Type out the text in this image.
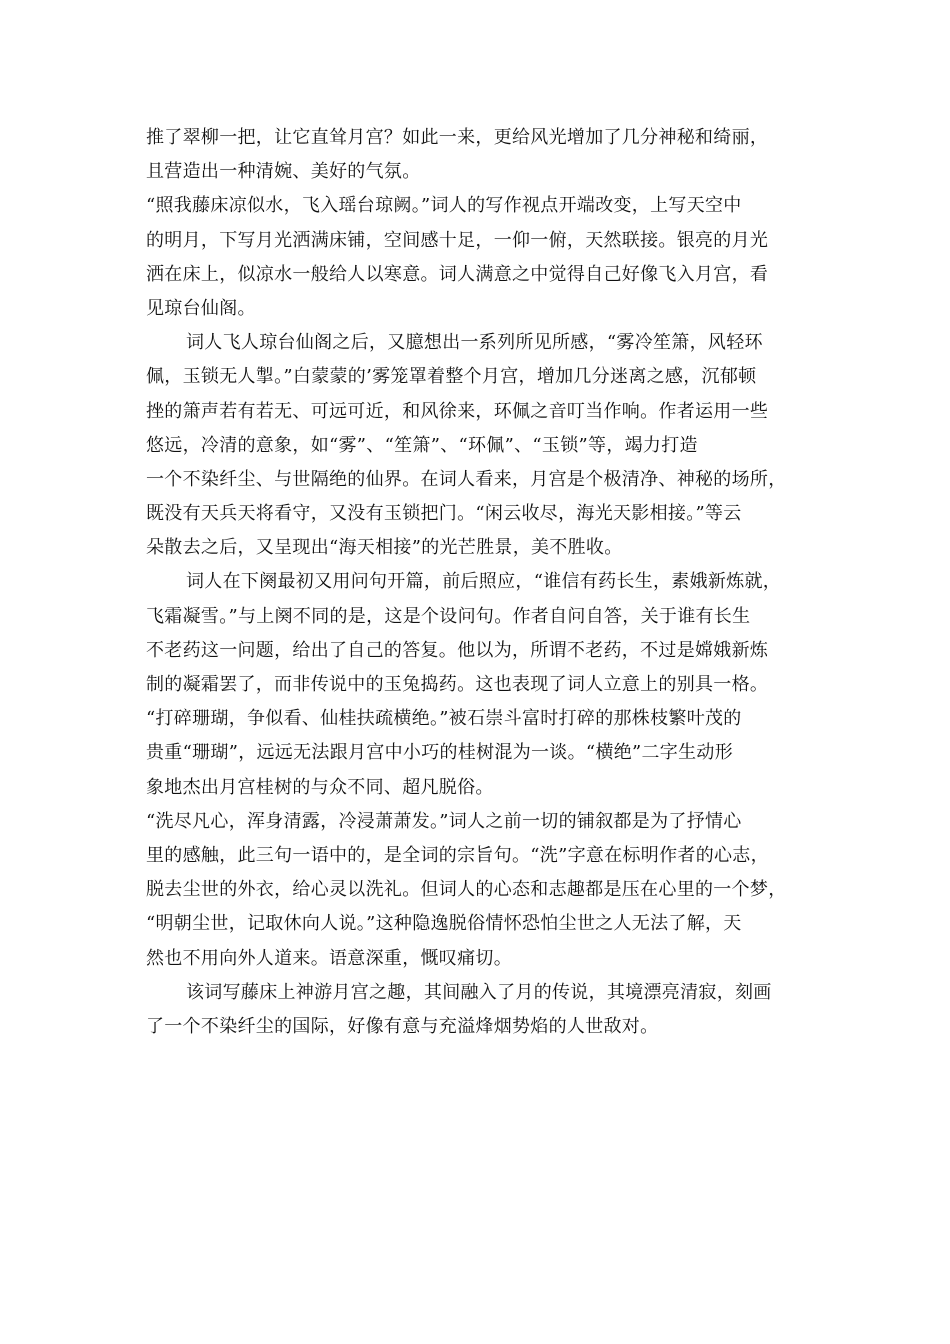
推了翠柳一把，让它直耸月宫？如此一来，更给风光增加了几分神秘和绮丽，
且营造出一种清婉、美好的气氛。
“照我藤床凉似水，飞入瑶台琼阙。”词人的写作视点开端改变，上写天空中
的明月，下写月光洒满床铺，空间感十足，一仰一俯，天然联接。银亮的月光
洒在床上，似凉水一般给人以寒意。词人满意之中觉得自己好像飞入月宫，看
见琼台仙阁。
词人飞人琼台仙阁之后，又臆想出一系列所见所感，“雾冷笙箫，风轻环
佩，玉锁无人掣。”白蒙蒙的’雾笼罩着整个月宫，增加几分迷离之感，沉郁顿
挫的箫声若有若无、可远可近，和风徐来，环佩之音叮当作响。作者运用一些
悠远，冷清的意象，如“雾”、“笙箫”、“环佩”、“玉锁”等，竭力打造
一个不染纤尘、与世隔绝的仙界。在词人看来，月宫是个极清净、神秘的场所，
既没有天兵天将看守，又没有玉锁把门。“闲云收尽，海光天影相接。”等云
朵散去之后，又呈现出“海天相接”的光芒胜景，美不胜收。
词人在下阕最初又用问句开篇，前后照应，“谁信有药长生，素娥新炼就，
飞霜凝雪。”与上阕不同的是，这是个设问句。作者自问自答，关于谁有长生
不老药这一问题，给出了自己的答复。他以为，所谓不老药，不过是嫦娥新炼
制的凝霜罢了，而非传说中的玉兔捣药。这也表现了词人立意上的别具一格。
“打碎珊瑚，争似看、仙桂扶疏横绝。”被石崇斗富时打碎的那株枝繁叶茂的
贵重“珊瑚”，远远无法跟月宫中小巧的桂树混为一谈。“横绝”二字生动形
象地杰出月宫桂树的与众不同、超凡脱俗。
“洗尽凡心，浑身清露，冷浸萧萧发。”词人之前一切的铺叙都是为了抒情心
里的感触，此三句一语中的，是全词的宗旨句。“洗”字意在标明作者的心志，
脱去尘世的外衣，给心灵以洗礼。但词人的心态和志趣都是压在心里的一个梦，
“明朝尘世，记取休向人说。”这种隐逸脱俗情怀恐怕尘世之人无法了解，天
然也不用向外人道来。语意深重，慨叹痛切。
该词写藤床上神游月宫之趣，其间融入了月的传说，其境漂亮清寂，刻画
了一个不染纤尘的国际，好像有意与充溢烽烟势焰的人世敌对。
